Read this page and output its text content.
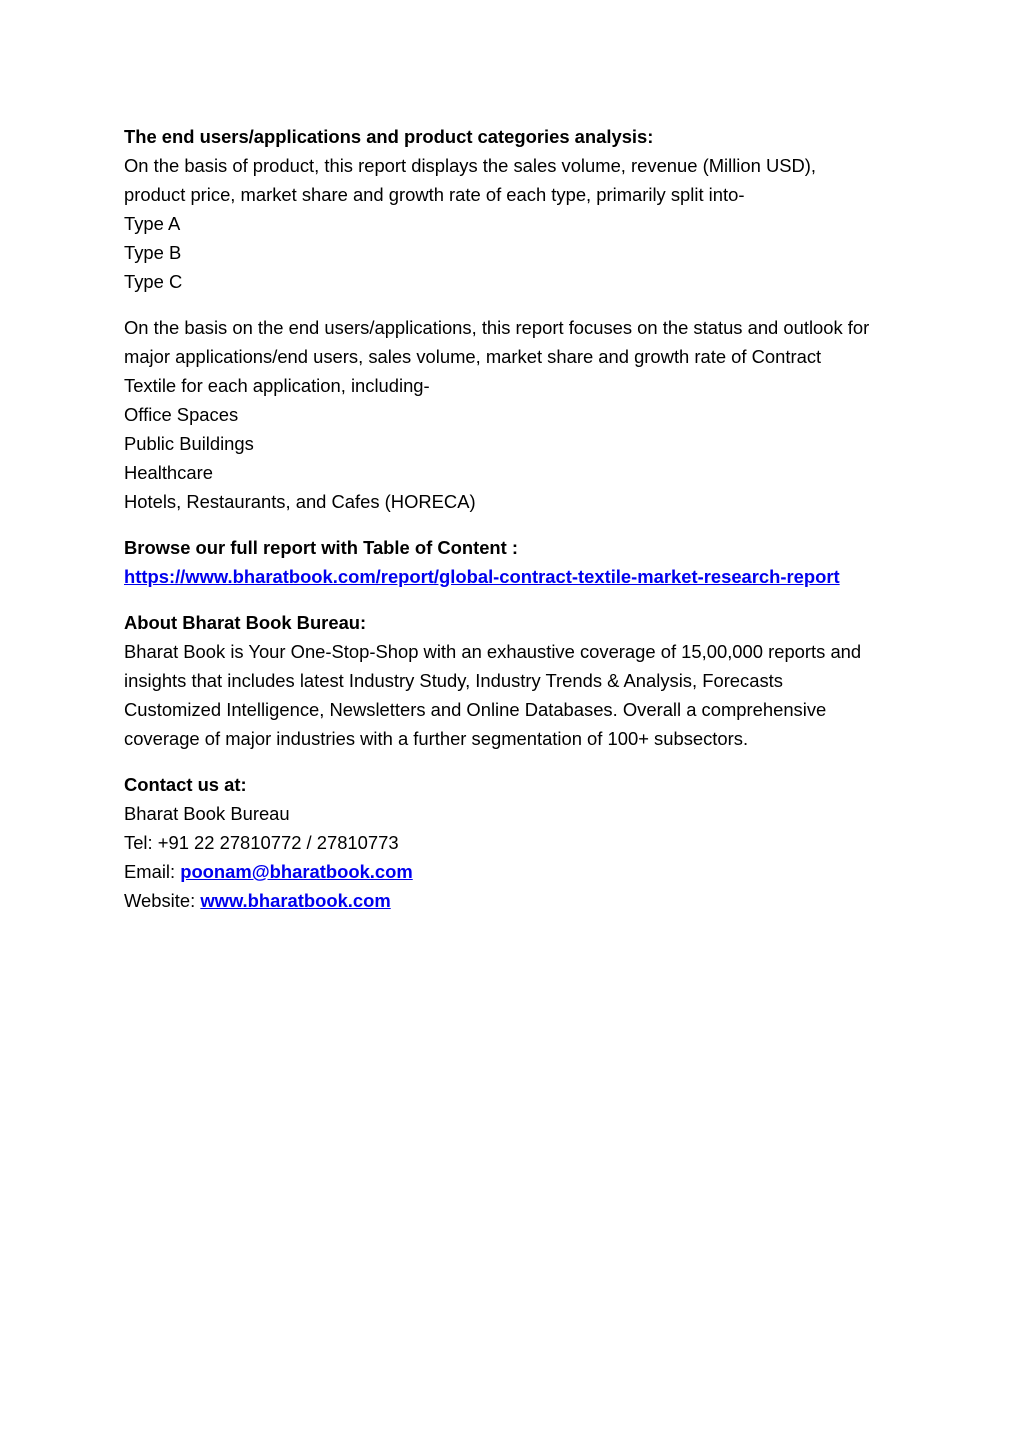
The end users/applications and product categories analysis:
On the basis of product, this report displays the sales volume, revenue (Million USD),
product price, market share and growth rate of each type, primarily split into-
Type A
Type B
Type C
On the basis on the end users/applications, this report focuses on the status and outlook for
major applications/end users, sales volume, market share and growth rate of Contract
Textile for each application, including-
Office Spaces
Public Buildings
Healthcare
Hotels, Restaurants, and Cafes (HORECA)
Browse our full report with Table of Content :
https://www.bharatbook.com/report/global-contract-textile-market-research-report
About Bharat Book Bureau:
Bharat Book is Your One-Stop-Shop with an exhaustive coverage of 15,00,000 reports and
insights that includes latest Industry Study, Industry Trends & Analysis, Forecasts
Customized Intelligence, Newsletters and Online Databases. Overall a comprehensive
coverage of major industries with a further segmentation of 100+ subsectors.
Contact us at:
Bharat Book Bureau
Tel: +91 22 27810772 / 27810773
Email: poonam@bharatbook.com
Website: www.bharatbook.com
